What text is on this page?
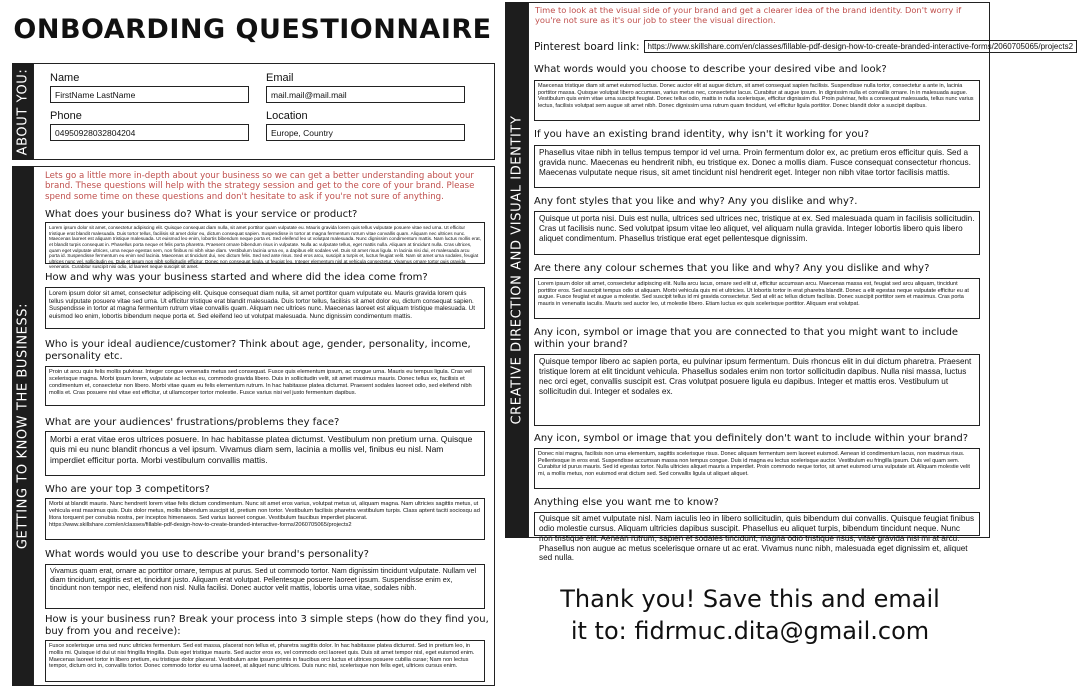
ONBOARDING QUESTIONNAIRE
ABOUT YOU: Name
FirstName LastName
Email
mail.mail@mail.mail
Phone
0495092803280420​4
Location
Europe, Country
GETTING TO KNOW THE BUSINESS:
Lets go a little more in-depth about your business so we can get a better understanding about your brand. These questions will help with the strategy session and get to the core of your brand. Please spend some time on these questions and don't hesitate to ask if you're not sure of anything.
What does your business do? What is your service or product?
Lorem ipsum dolor sit amet, consectetur adipiscing elit. Quisque consequat diam nulla, sit amet porttitor quam vulputate eu. Mauris gravida lorem quis tellus vulputate posuere vitae sed urna. Ut efficitur tristique erat blandit malesuada. Duis tortor tellus, facilisis sit amet dolor eu, dictum consequat sapien. Suspendisse in tortor at magna fermentum rutrum vitae convallis quam. Aliquam nec ultrices nunc. Maecenas laoreet est aliquam tristique malesuada. Ut euismod leo enim, lobortis bibendum neque porta et. Sed eleifend leo ut volutpat malesuada. Nunc dignissim condimentum mattis. Nam luctus mollis erat, et blandit turpis consequat in. Phasellus porta neque et felis porta pharetra. Praesent ornare bibendum risus in vulputate. Nulla ac vulputate tellus, eget mattis nulla. Aliquam at tincidunt nulla. Cras ultrices, quam eget vulputate ultrices, urna neque egestas sem, non finibus mi nibh vitae diam. Vestibulum lacinia urna ex, a dapibus elit sodales vel. Duis sit amet risus ligula. In lacinia nisi dui, et malesuada arcu porta id. Suspendisse fermentum eu enim sed lacinia. Maecenas ut tincidunt dui, nec dictum felis. Sed sed ante risus. Sed eros arcu, suscipit a turpis et, luctus feugiat velit. Nam sit amet urna sodales, feugiat ultrices nunc vel, sollicitudin ex. Duis et ipsum non nibh sollicitudin efficitur. Donec non consequat ligula, ut feugiat leo. Integer elementum nisl at vehicula consectetur. Vivamus ornare tortor quis gravida venenatis. Curabitur suscipit nisi odio, id laoreet neque suscipit sit amet.
How and why was your business started and where did the idea come from?
Lorem ipsum dolor sit amet, consectetur adipiscing elit. Quisque consequat diam nulla, sit amet porttitor quam vulputate eu. Mauris gravida lorem quis tellus vulputate posuere vitae sed urna. Ut efficitur tristique erat blandit malesuada. Duis tortor tellus, facilisis sit amet dolor eu, dictum consequat sapien. Suspendisse in tortor at magna fermentum rutrum vitae convallis quam. Aliquam nec ultrices nunc. Maecenas laoreet est aliquam tristique malesuada. Ut euismod leo enim, lobortis bibendum neque porta et. Sed eleifend leo ut volutpat malesuada. Nunc dignissim condimentum mattis.
Who is your ideal audience/customer? Think about age, gender, personality, income, personality etc.
Proin ut arcu quis felis mollis pulvinar. Integer congue venenatis metus sed consequat. Fusce quis elementum ipsum, ac congue urna. Mauris eu tempus ligula. Cras vel scelerisque magna. Morbi ipsum lorem, vulputate ac lectus eu, commodo gravida libero. Duis in sollicitudin velit, sit amet maximus mauris. Donec tellus ex, facilisis et condimentum et, consectetur non libero. Morbi vitae quam eu felis elementum rutrum. In hac habitasse platea dictumst. Praesent sodales laoreet odio, sed eleifend nibh mollis et. Cras posuere nisl vitae est efficitur, ut ullamcorper tortor molestie. Fusce varius nisi vel justo fermentum dapibus.
What are your audiences' frustrations/problems they face?
Morbi a erat vitae eros ultrices posuere. In hac habitasse platea dictumst. Vestibulum non pretium urna. Quisque quis mi eu nunc blandit rhoncus a vel ipsum. Vivamus diam sem, lacinia a mollis vel, finibus eu nisl. Nam imperdiet efficitur porta. Morbi vestibulum convallis mattis.
Who are your top 3 competitors?
Morbi at blandit mauris. Nunc hendrerit lorem vitae felis dictum condimentum. Nunc sit amet eros varius, volutpat metus ut, aliquam magna. Nam ultricies sagittis metus, ut vehicula erat maximus quis. Duis dolor metus, mollis bibendum suscipit id, pretium non tortor. Vestibulum facilisis pharetra vestibulum turpis. Class aptent taciti sociosqu ad litora torquent per conubia nostra, per inceptos himenaeos. Sed varius laoreet congue. Vestibulum faucibus imperdiet placerat. https://www.skillshare.com/en/classes/fillable-pdf-design-how-to-create-branded-interactive-forms/2060705065/projects2
What words would you use to describe your brand's personality?
Vivamus quam erat, ornare ac porttitor ornare, tempus at purus. Sed ut commodo tortor. Nam dignissim tincidunt vulputate. Nullam vel diam tincidunt, sagittis est et, tincidunt justo. Aliquam erat volutpat. Pellentesque posuere laoreet ipsum. Suspendisse enim ex, tincidunt non tempor nec, eleifend non nisl. Nulla facilisi. Donec auctor velit mattis, lobortis urna vitae, sodales nibh.
How is your business run? Break your process into 3 simple steps (how do they find you, buy from you and receive):
Fusce scelerisque urna sed nunc ultricies fermentum. Sed est massa, placerat non tellus et, pharetra sagittis dolor. In hac habitasse platea dictumst. Sed in pretium leo, in mollis mi. Quisque id dui ut nisi fringilla fringilla. Duis eget tristique mauris. Sed auctor eros ex, vel commodo orci laoreet quis. Duis sit amet tempor nisl, eget euismod enim. Maecenas laoreet tortor in libero pretium, eu tristique dolor placerat. Vestibulum ante ipsum primis in faucibus orci luctus et ultrices posuere cubilia curae; Nam non lectus tempor, dictum orci in, convallis tortor. Donec commodo tortor eu urna laoreet, at aliquet nunc ultrices. Duis nunc nisl, scelerisque non felis eget, ultrices cursus enim.
CREATIVE DIRECTION AND VISUAL IDENTITY
Time to look at the visual side of your brand and get a clearer idea of the brand identity. Don't worry if you're not sure as it's our job to steer the visual direction.
Pinterest board link:	https://www.skillshare.com/en/classes/fillable-pdf-design-how-to-create-branded-interactive-forms/2060705065/projects2
What words would you choose to describe your desired vibe and look?
Maecenas tristique diam sit amet euismod luctus. Donec auctor elit at augue dictum, sit amet consequat sapien facilisis. Suspendisse nulla tortor, consectetur a ante in, lacinia porttitor massa. Quisque volutpat libero accumsan, varius metus nec, consectetur lacus. Curabitur at augue ipsum. In dignissim nulla et convallis ornare. In in malesuada augue. Vestibulum quis enim vitae urna suscipit feugiat. Donec tellus odio, mattis in nulla scelerisque, efficitur dignissim dui. Proin pulvinar, felis a consequat malesuada, tellus nunc varius lectus, facilisis volutpat sem augue sit amet nibh. Donec dignissim urna rutrum quam tincidunt, vel efficitur ligula porttitor. Donec blandit dolor a suscipit dapibus.
If you have an existing brand identity, why isn't it working for you?
Phasellus vitae nibh in tellus tempus tempor id vel urna. Proin fermentum dolor ex, ac pretium eros efficitur quis. Sed a gravida nunc. Maecenas eu hendrerit nibh, eu tristique ex. Donec a mollis diam. Fusce consequat consectetur rhoncus. Maecenas vulputate neque risus, sit amet tincidunt nisl hendrerit eget. Integer non nibh vitae tortor facilisis mattis.
Any font styles that you like and why? Any you dislike and why?.
Quisque ut porta nisi. Duis est nulla, ultrices sed ultrices nec, tristique at ex. Sed malesuada quam in facilisis sollicitudin. Cras ut facilisis nunc. Sed volutpat ipsum vitae leo aliquet, vel aliquam nulla gravida. Integer lobortis libero quis libero aliquet condimentum. Phasellus tristique erat eget pellentesque dignissim.
Are there any colour schemes that you like and why? Any you dislike and why?
Lorem ipsum dolor sit amet, consectetur adipiscing elit. Nulla arcu lacus, ornare sed elit ut, efficitur accumsan arcu. Maecenas massa est, feugiat sed arcu aliquam, tincidunt porttitor eros. Sed suscipit tempus odio ut aliquam. Morbi vehicula quis mi et ultricies. Ut lobortis tortor in erat pharetra blandit. Donec a elit egestas neque vulputate efficitur eu at augue. Fusce feugiat et augue a molestie. Sed suscipit tellus id mi gravida consectetur. Sed at elit ac tellus dictum facilisis. Donec suscipit porttitor sem et maximus. Cras porta mauris in venenatis iaculis. Mauris sed auctor leo, ut molestie libero. Etiam luctus ex quis scelerisque porttitor. Aliquam erat volutpat.
Any icon, symbol or image that you are connected to that you might want to include within your brand?
Quisque tempor libero ac sapien porta, eu pulvinar ipsum fermentum. Duis rhoncus elit in dui dictum pharetra. Praesent tristique lorem at elit tincidunt vehicula. Phasellus sodales enim non tortor sollicitudin dapibus. Nulla nisi massa, luctus nec orci eget, convallis suscipit est. Cras volutpat posuere ligula eu dapibus. Integer et mattis eros. Vestibulum ut sollicitudin dui. Integer et sodales ex.
Any icon, symbol or image that you definitely don't want to include within your brand?
Donec nisi magna, facilisis non urna elementum, sagittis scelerisque risus. Donec aliquam fermentum sem laoreet euismod. Aenean id condimentum lacus, non maximus risus. Pellentesque in eros erat. Suspendisse accumsan massa non tempus congue. Duis id magna eu lectus scelerisque auctor. Vestibulum eu fringilla ipsum. Duis vel quam sem. Curabitur id purus mauris. Sed id egestas tortor. Nulla ultricies aliquet mauris a imperdiet. Proin commodo neque tortor, sit amet euismod urna vulputate sit. Aliquam molestie velit mi, a mollis metus, non euismod erat dictum sed. Sed convallis ligula ut aliquet aliquet.
Anything else you want me to know?
Quisque sit amet vulputate nisl. Nam iaculis leo in libero sollicitudin, quis bibendum dui convallis. Quisque feugiat finibus odio molestie cursus. Aliquam ultricies dapibus suscipit. Phasellus eu aliquet turpis, bibendum tincidunt neque. Nunc non tristique elit. Aenean rutrum, sapien et sodales tincidunt, magna odio tristique risus, vitae gravida nisl mi at arcu. Phasellus non augue ac metus scelerisque ornare ut ac erat. Vivamus nunc nibh, malesuada eget dignissim et, aliquet sed nulla.
Thank you! Save this and email
it to: fidrmuc.dita@gmail.com
